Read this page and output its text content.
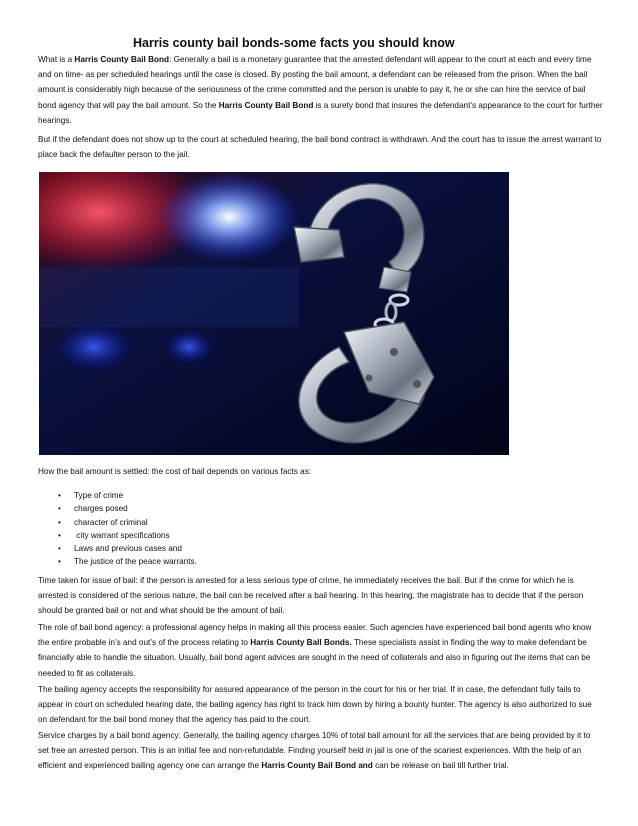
Harris county bail bonds-some facts you should know

What is a Harris County Bail Bond: Generally a bail is a monetary guarantee that the arrested defendant will appear to the court at each and every time and on time- as per scheduled hearings until the case is closed. By posting the bail amount, a defendant can be released from the prison. When the bail amount is considerably high because of the seriousness of the crime committed and the person is unable to pay it, he or she can hire the service of bail bond agency that will pay the bail amount. So the Harris County Bail Bond is a surety bond that insures the defendant’s appearance to the court for further hearings.

But if the defendant does not show up to the court at scheduled hearing, the bail bond contract is withdrawn. And the court has to issue the arrest warrant to place back the defaulter person to the jail.

How the bail amount is settled: the cost of bail depends on various facts as:

• Type of crime
• charges posed
• character of criminal
• city warrant specifications
• Laws and previous cases and
• The justice of the peace warrants.

Time taken for issue of bail: if the person is arrested for a less serious type of crime, he immediately receives the bail. But if the crime for which he is arrested is considered of the serious nature, the bail can be received after a bail hearing. In this hearing, the magistrate has to decide that if the person should be granted bail or not and what should be the amount of bail.

The role of bail bond agency: a professional agency helps in making all this process easier. Such agencies have experienced bail bond agents who know the entire probable in’s and out’s of the process relating to Harris County Ball Bonds. These specialists assist in finding the way to make defendant be financially able to handle the situation. Usually, bail bond agent advices are sought in the need of collaterals and also in figuring out the items that can be needed to fit as collaterals.

The bailing agency accepts the responsibility for assured appearance of the person in the court for his or her trial. If in case, the defendant fully fails to appear in court on scheduled hearing date, the bailing agency has right to track him down by hiring a bounty hunter. The agency is also authorized to sue on defendant for the bail bond money that the agency has paid to the court.

Service charges by a bail bond agency: Generally, the bailing agency charges 10% of total bail amount for all the services that are being provided by it to set free an arrested person. This is an initial fee and non-refundable. Finding yourself held in jail is one of the scariest experiences. With the help of an efficient and experienced bailing agency one can arrange the Harris County Bail Bond and can be release on bail till further trial.
